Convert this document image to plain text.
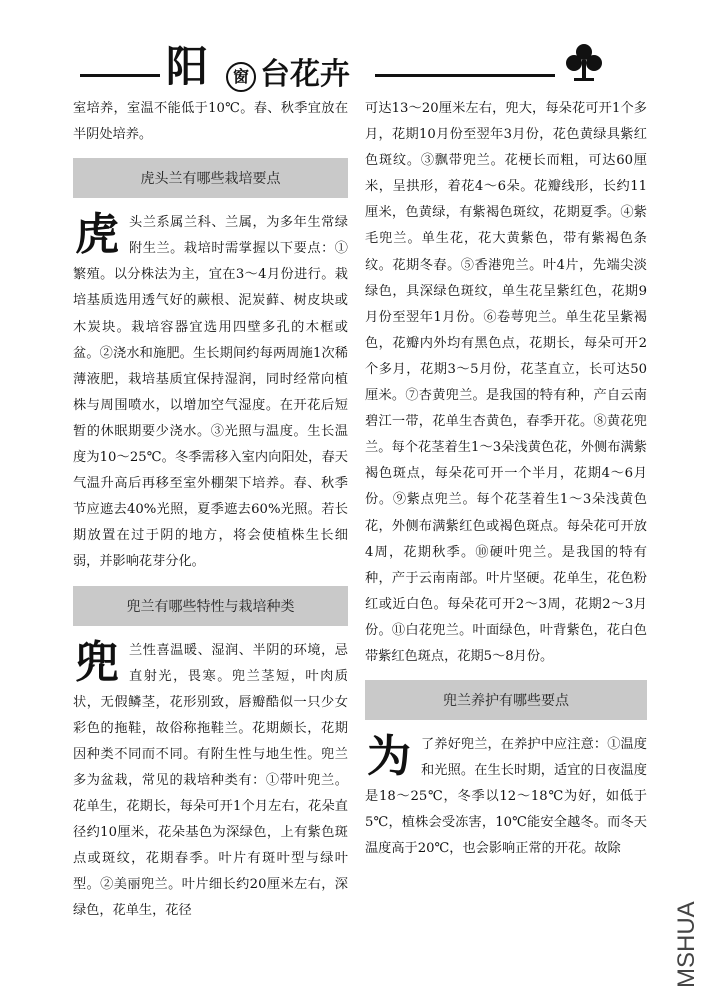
阳	窗 台花卉

室培养，室温不能低于10℃。春、秋季宜放在半阴处培养。

虎头兰有哪些栽培要点

虎头兰系属兰科、兰属，为多年生常绿附生兰。栽培时需掌握以下要点：①繁殖。以分株法为主，宜在3～4月份进行。栽培基质选用透气好的蕨根、泥炭藓、树皮块或木炭块。栽培容器宜选用四壁多孔的木框或盆。②浇水和施肥。生长期间约每两周施1次稀薄液肥，栽培基质宜保持湿润，同时经常向植株与周围喷水，以增加空气湿度。在开花后短暂的休眠期要少浇水。③光照与温度。生长温度为10～25℃。冬季需移入室内向阳处，春天气温升高后再移至室外棚架下培养。春、秋季节应遮去40%光照，夏季遮去60%光照。若长期放置在过于阴的地方，将会使植株生长细弱，并影响花芽分化。

兜兰有哪些特性与栽培种类

兜兰性喜温暖、湿润、半阴的环境，忌直射光，畏寒。兜兰茎短，叶肉质状，无假鳞茎，花形别致，唇瓣酷似一只少女彩色的拖鞋，故俗称拖鞋兰。花期颇长，花期因种类不同而不同。有附生性与地生性。兜兰多为盆栽，常见的栽培种类有：①带叶兜兰。花单生，花期长，每朵可开1个月左右，花朵直径约10厘米，花朵基色为深绿色，上有紫色斑点或斑纹，花期春季。叶片有斑叶型与绿叶型。②美丽兜兰。叶片细长约20厘米左右，深绿色，花单生，花径

可达13～20厘米左右，兜大，每朵花可开1个多月，花期10月份至翌年3月份，花色黄绿具紫红色斑纹。③飘带兜兰。花梗长而粗，可达60厘米，呈拱形，着花4～6朵。花瓣线形，长约11厘米，色黄绿，有紫褐色斑纹，花期夏季。④紫毛兜兰。单生花，花大黄紫色，带有紫褐色条纹。花期冬春。⑤香港兜兰。叶4片，先端尖淡绿色，具深绿色斑纹，单生花呈紫红色，花期9月份至翌年1月份。⑥卷萼兜兰。单生花呈紫褐色，花瓣内外均有黑色点，花期长，每朵可开2个多月，花期3～5月份，花茎直立，长可达50厘米。⑦杏黄兜兰。是我国的特有种，产自云南碧江一带，花单生杏黄色，春季开花。⑧黄花兜兰。每个花茎着生1～3朵浅黄色花，外侧布满紫褐色斑点，每朵花可开一个半月，花期4～6月份。⑨紫点兜兰。每个花茎着生1～3朵浅黄色花，外侧布满紫红色或褐色斑点。每朵花可开放4周，花期秋季。⑩硬叶兜兰。是我国的特有种，产于云南南部。叶片坚硬。花单生，花色粉红或近白色。每朵花可开2～3周，花期2～3月份。⑪白花兜兰。叶面绿色，叶背紫色，花白色带紫红色斑点，花期5～8月份。

兜兰养护有哪些要点

为了养好兜兰，在养护中应注意：①温度和光照。在生长时期，适宜的日夜温度是18～25℃，冬季以12～18℃为好，如低于5℃，植株会受冻害，10℃能安全越冬。而冬天温度高于20℃，也会影响正常的开花。故除

MSHUA
